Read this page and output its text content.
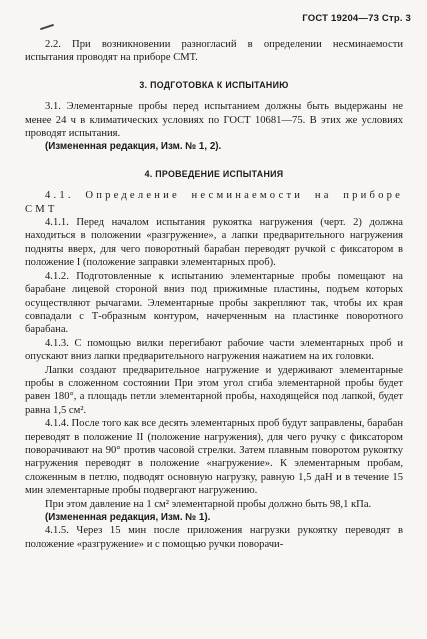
ГОСТ 19204—73 Стр. 3

2.2. При возникновении разногласий в определении несминаемости испытания проводят на приборе СМТ.

3. ПОДГОТОВКА К ИСПЫТАНИЮ

3.1. Элементарные пробы перед испытанием должны быть выдержаны не менее 24 ч в климатических условиях по ГОСТ 10681—75. В этих же условиях проводят испытания.

(Измененная редакция, Изм. № 1, 2).

4. ПРОВЕДЕНИЕ ИСПЫТАНИЯ

4.1. Определение несминаемости на приборе СМТ

4.1.1. Перед началом испытания рукоятка нагружения (черт. 2) должна находиться в положении «разгружение», а лапки предварительного нагружения подняты вверх, для чего поворотный барабан переводят ручкой с фиксатором в положение I (положение заправки элементарных проб).

4.1.2. Подготовленные к испытанию элементарные пробы помещают на барабане лицевой стороной вниз под прижимные пластины, подъем которых осуществляют рычагами. Элементарные пробы закрепляют так, чтобы их края совпадали с Т-образным контуром, начерченным на пластинке поворотного барабана.

4.1.3. С помощью вилки перегибают рабочие части элементарных проб и опускают вниз лапки предварительного нагружения нажатием на их головки.

Лапки создают предварительное нагружение и удерживают элементарные пробы в сложенном состоянии При этом угол сгиба элементарной пробы будет равен 180°, а площадь петли элементарной пробы, находящейся под лапкой, будет равна 1,5 см².

4.1.4. После того как все десять элементарных проб будут заправлены, барабан переводят в положение II (положение нагружения), для чего ручку с фиксатором поворачивают на 90° против часовой стрелки. Затем плавным поворотом рукоятку нагружения переводят в положение «нагружение». К элементарным пробам, сложенным в петлю, подводят основную нагрузку, равную 1,5 даН и в течение 15 мин элементарные пробы подвергают нагружению.

При этом давление на 1 см² элементарной пробы должно быть 98,1 кПа.

(Измененная редакция, Изм. № 1).

4.1.5. Через 15 мин после приложения нагрузки рукоятку переводят в положение «разгружение» и с помощью ручки поворачи-
